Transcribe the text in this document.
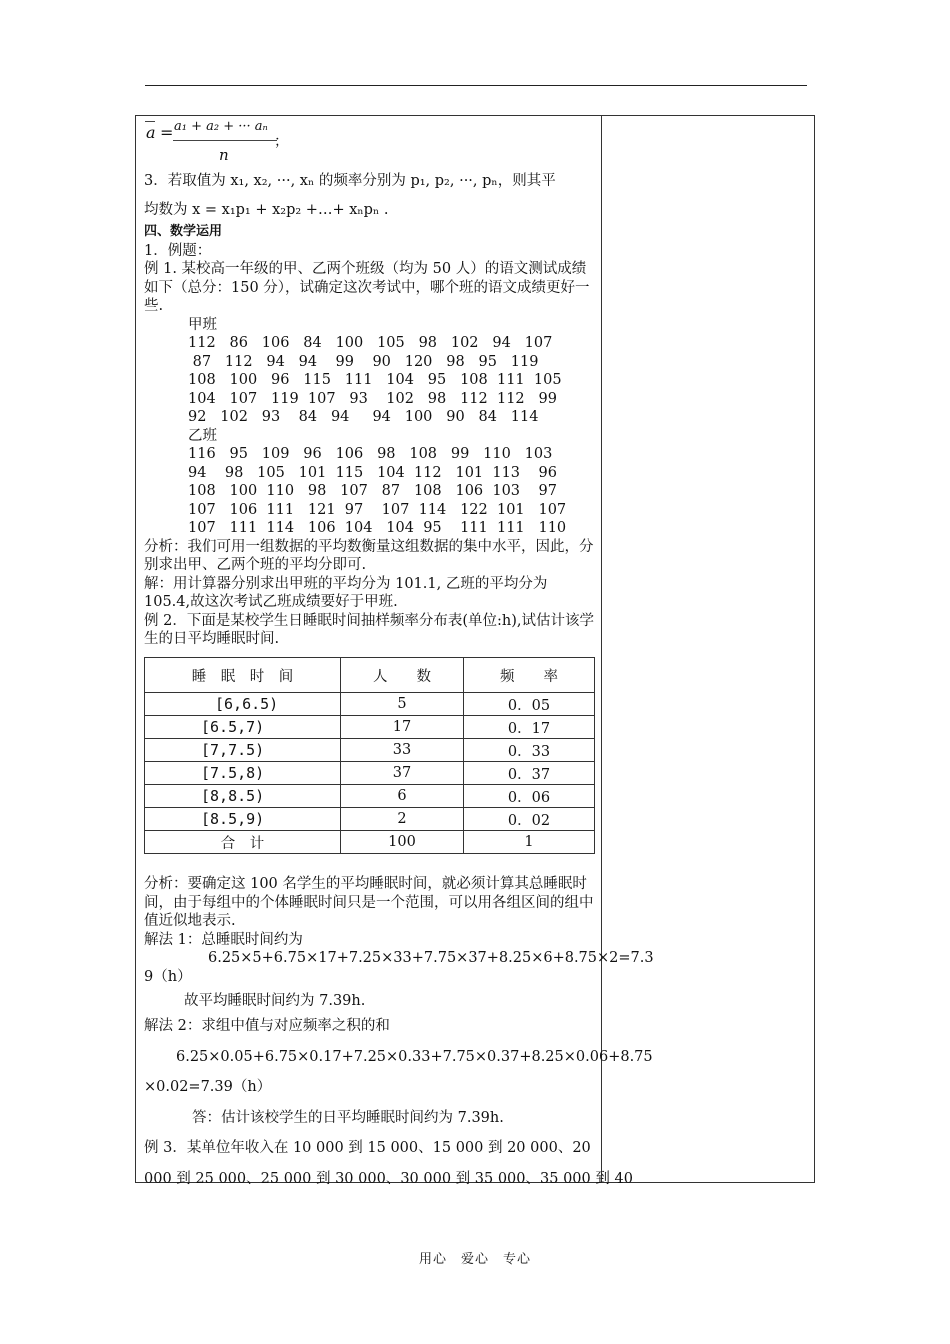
a = a₁ + a₂ + ··· aₙ
n
；

3．若取值为 x₁, x₂, ···, xₙ 的频率分别为 p₁, p₂, ···, pₙ，则其平

均数为 x = x₁p₁ + x₂p₂ +…+ xₙpₙ .

四、数学运用

1．例题：

例 1. 某校高一年级的甲、乙两个班级（均为 50 人）的语文测试成绩如下（总分：150 分），试确定这次考试中，哪个班的语文成绩更好一些.

甲班

112   86   106   84   100   105   98   102   94   107

87   112   94   94    99    90   120   98   95   119

108   100   96   115   111   104   95   108  111  105

104   107   119  107   93    102   98   112  112   99

92   102   93    84   94     94   100   90   84   114

乙班

116   95   109   96   106   98   108   99   110   103

94    98   105   101  115   104  112   101  113    96

108   100  110   98   107   87   108   106  103    97

107   106  111   121  97    107  114   122  101   107

107   111  114   106  104   104  95    111  111   110

分析：我们可用一组数据的平均数衡量这组数据的集中水平，因此，分别求出甲、乙两个班的平均分即可.

解：用计算器分别求出甲班的平均分为 101.1, 乙班的平均分为 105.4,故这次考试乙班成绩要好于甲班.

例 2．下面是某校学生日睡眠时间抽样频率分布表(单位:h),试估计该学生的日平均睡眠时间.

睡　眠　时　间	人　　数	频　　率
[6,6.5)	5	0．05
[6.5,7)	17	0．17
[7,7.5)	33	0．33
[7.5,8)	37	0．37
[8,8.5)	6	0．06
[8.5,9)	2	0．02
合　计	100	1

分析：要确定这 100 名学生的平均睡眠时间，就必须计算其总睡眠时间，由于每组中的个体睡眠时间只是一个范围，可以用各组区间的组中值近似地表示.

解法 1：总睡眠时间约为

6.25×5+6.75×17+7.25×33+7.75×37+8.25×6+8.75×2=7.3

9（h）

故平均睡眠时间约为 7.39h.

解法 2：求组中值与对应频率之积的和

6.25×0.05+6.75×0.17+7.25×0.33+7.75×0.37+8.25×0.06+8.75

×0.02=7.39（h）

答：估计该校学生的日平均睡眠时间约为 7.39h.

例 3．某单位年收入在 10 000 到 15 000、15 000 到 20 000、20

000 到 25 000、25 000 到 30 000、30 000 到 35 000、35 000 到 40

用心　爱心　专心
